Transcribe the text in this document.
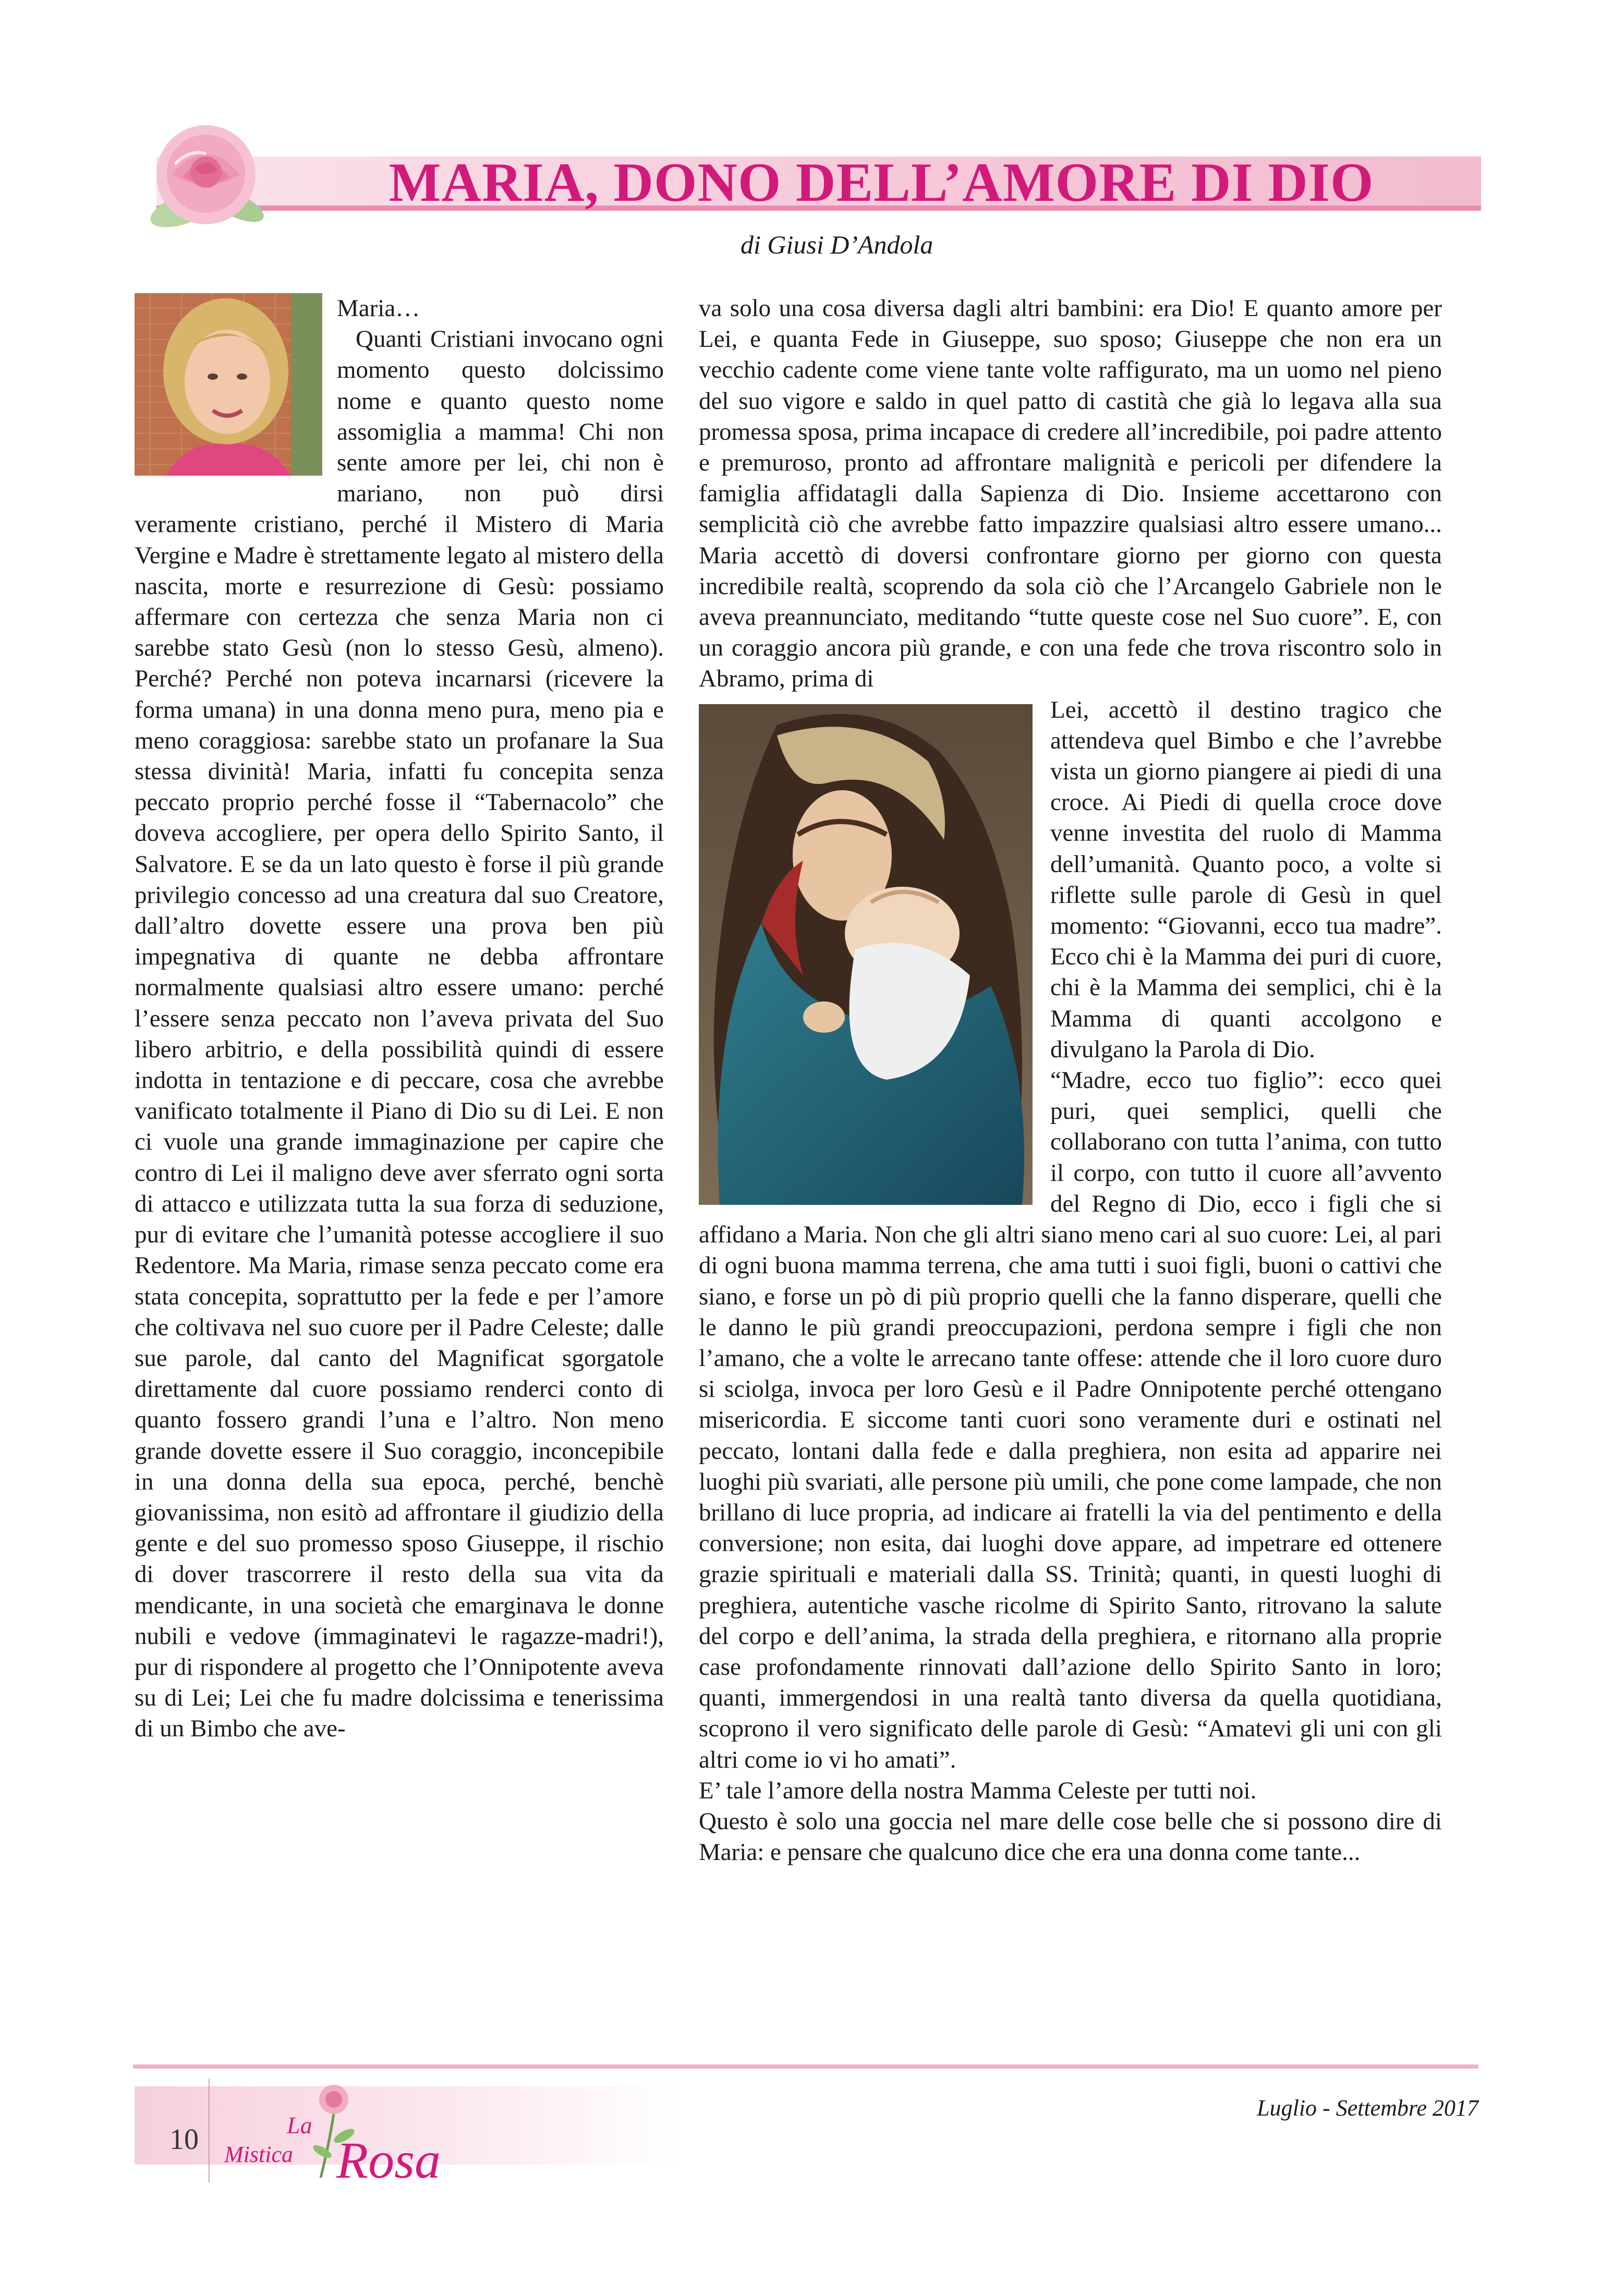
MARIA, DONO DELL’AMORE DI DIO
di Giusi D’Andola

Maria…

Quanti Cristiani invocano ogni momento questo dolcissimo nome e quanto questo nome assomiglia a mamma! Chi non sente amore per lei, chi non è mariano, non può dirsi veramente cristiano, perché il Mistero di Maria Vergine e Madre è strettamente legato al mistero della nascita, morte e resurrezione di Gesù: possiamo affermare con certezza che senza Maria non ci sarebbe stato Gesù (non lo stesso Gesù, almeno). Perché? Perché non poteva incarnarsi (ricevere la forma umana) in una donna meno pura, meno pia e meno coraggiosa: sarebbe stato un profanare la Sua stessa divinità! Maria, infatti fu concepita senza peccato proprio perché fosse il “Tabernacolo” che doveva accogliere, per opera dello Spirito Santo, il Salvatore. E se da un lato questo è forse il più grande privilegio concesso ad una creatura dal suo Creatore, dall’altro dovette essere una prova ben più impegnativa di quante ne debba affrontare normalmente qualsiasi altro essere umano: perché l’essere senza peccato non l’aveva privata del Suo libero arbitrio, e della possibilità quindi di essere indotta in tentazione e di peccare, cosa che avrebbe vanificato totalmente il Piano di Dio su di Lei. E non ci vuole una grande immaginazione per capire che contro di Lei il maligno deve aver sferrato ogni sorta di attacco e utilizzata tutta la sua forza di seduzione, pur di evitare che l’umanità potesse accogliere il suo Redentore. Ma Maria, rimase senza peccato come era stata concepita, soprattutto per la fede e per l’amore che coltivava nel suo cuore per il Padre Celeste; dalle sue parole, dal canto del Magnificat sgorgatole direttamente dal cuore possiamo renderci conto di quanto fossero grandi l’una e l’altro. Non meno grande dovette essere il Suo coraggio, inconcepibile in una donna della sua epoca, perché, benchè giovanissima, non esitò ad affrontare il giudizio della gente e del suo promesso sposo Giuseppe, il rischio di dover trascorrere il resto della sua vita da mendicante, in una società che emarginava le donne nubili e vedove (immaginatevi le ragazze-madri!), pur di rispondere al progetto che l’Onnipotente aveva su di Lei; Lei che fu madre dolcissima e tenerissima di un Bimbo che ave-

va solo una cosa diversa dagli altri bambini: era Dio! E quanto amore per Lei, e quanta Fede in Giuseppe, suo sposo; Giuseppe che non era un vecchio cadente come viene tante volte raffigurato, ma un uomo nel pieno del suo vigore e saldo in quel patto di castità che già lo legava alla sua promessa sposa, prima incapace di credere all’incredibile, poi padre attento e premuroso, pronto ad affrontare malignità e pericoli per difendere la famiglia affidatagli dalla Sapienza di Dio. Insieme accettarono con semplicità ciò che avrebbe fatto impazzire qualsiasi altro essere umano... Maria accettò di doversi confrontare giorno per giorno con questa incredibile realtà, scoprendo da sola ciò che l’Arcangelo Gabriele non le aveva preannunciato, meditando “tutte queste cose nel Suo cuore”. E, con un coraggio ancora più grande, e con una fede che trova riscontro solo in Abramo, prima di

Lei, accettò il destino tragico che attendeva quel Bimbo e che l’avrebbe vista un giorno piangere ai piedi di una croce. Ai Piedi di quella croce dove venne investita del ruolo di Mamma dell’umanità. Quanto poco, a volte si riflette sulle parole di Gesù in quel momento: “Giovanni, ecco tua madre”. Ecco chi è la Mamma dei puri di cuore, chi è la Mamma dei semplici, chi è la Mamma di quanti accolgono e divulgano la Parola di Dio.

“Madre, ecco tuo figlio”: ecco quei puri, quei semplici, quelli che collaborano con tutta l’anima, con tutto il corpo, con tutto il cuore all’avvento del Regno di Dio, ecco i figli che si affidano a Maria. Non che gli altri siano meno cari al suo cuore: Lei, al pari di ogni buona mamma terrena, che ama tutti i suoi figli, buoni o cattivi che siano, e forse un pò di più proprio quelli che la fanno disperare, quelli che le danno le più grandi preoccupazioni, perdona sempre i figli che non l’amano, che a volte le arrecano tante offese: attende che il loro cuore duro si sciolga, invoca per loro Gesù e il Padre Onnipotente perché ottengano misericordia. E siccome tanti cuori sono veramente duri e ostinati nel peccato, lontani dalla fede e dalla preghiera, non esita ad apparire nei luoghi più svariati, alle persone più umili, che pone come lampade, che non brillano di luce propria, ad indicare ai fratelli la via del pentimento e della conversione; non esita, dai luoghi dove appare, ad impetrare ed ottenere grazie spirituali e materiali dalla SS. Trinità; quanti, in questi luoghi di preghiera, autentiche vasche ricolme di Spirito Santo, ritrovano la salute del corpo e dell’anima, la strada della preghiera, e ritornano alla proprie case profondamente rinnovati dall’azione dello Spirito Santo in loro; quanti, immergendosi in una realtà tanto diversa da quella quotidiana, scoprono il vero significato delle parole di Gesù: “Amatevi gli uni con gli altri come io vi ho amati”.

E’ tale l’amore della nostra Mamma Celeste per tutti noi.

Questo è solo una goccia nel mare delle cose belle che si possono dire di Maria: e pensare che qualcuno dice che era una donna come tante...

10	La
Mistica Rosa
Luglio - Settembre 2017
